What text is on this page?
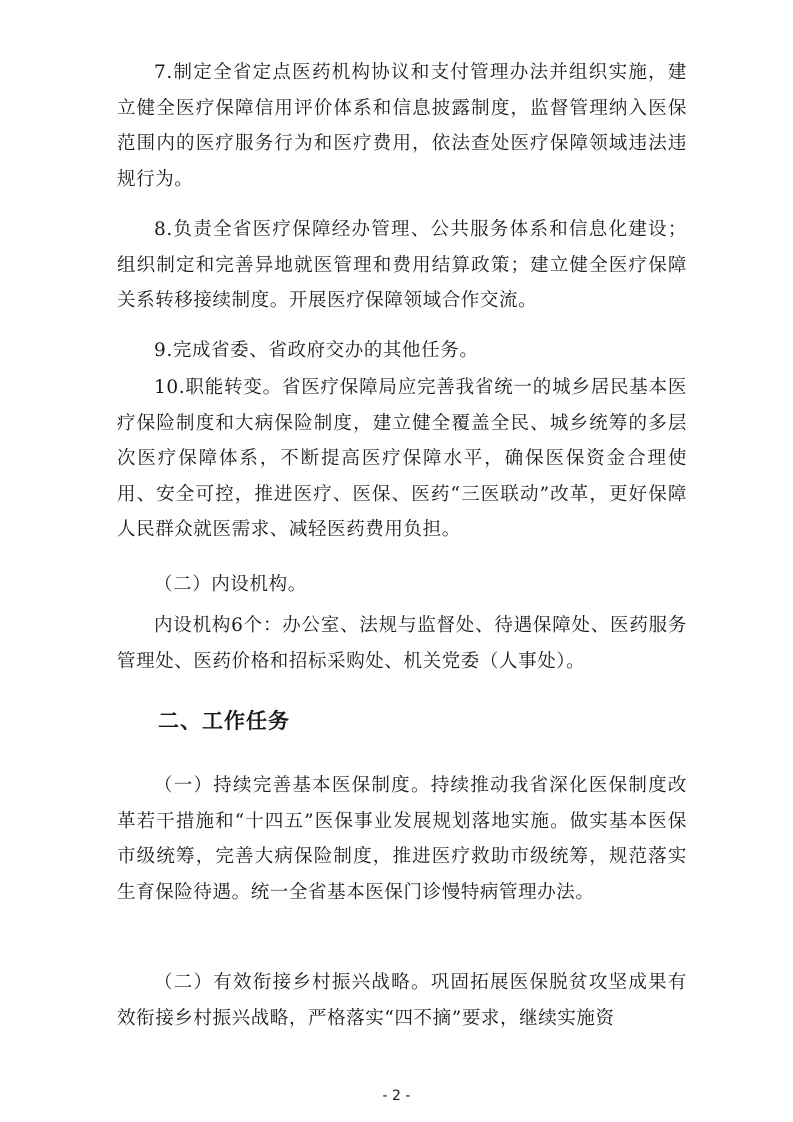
7.制定全省定点医药机构协议和支付管理办法并组织实施，建立健全医疗保障信用评价体系和信息披露制度，监督管理纳入医保范围内的医疗服务行为和医疗费用，依法查处医疗保障领域违法违规行为。

8.负责全省医疗保障经办管理、公共服务体系和信息化建设；组织制定和完善异地就医管理和费用结算政策；建立健全医疗保障关系转移接续制度。开展医疗保障领域合作交流。

9.完成省委、省政府交办的其他任务。

10.职能转变。省医疗保障局应完善我省统一的城乡居民基本医疗保险制度和大病保险制度，建立健全覆盖全民、城乡统筹的多层次医疗保障体系，不断提高医疗保障水平，确保医保资金合理使用、安全可控，推进医疗、医保、医药“三医联动”改革，更好保障人民群众就医需求、减轻医药费用负担。

（二）内设机构。

内设机构6个：办公室、法规与监督处、待遇保障处、医药服务管理处、医药价格和招标采购处、机关党委（人事处）。

二、工作任务

（一）持续完善基本医保制度。持续推动我省深化医保制度改革若干措施和“十四五”医保事业发展规划落地实施。做实基本医保市级统筹，完善大病保险制度，推进医疗救助市级统筹，规范落实生育保险待遇。统一全省基本医保门诊慢特病管理办法。

（二）有效衔接乡村振兴战略。巩固拓展医保脱贫攻坚成果有效衔接乡村振兴战略，严格落实“四不摘”要求，继续实施资

- 2 -
